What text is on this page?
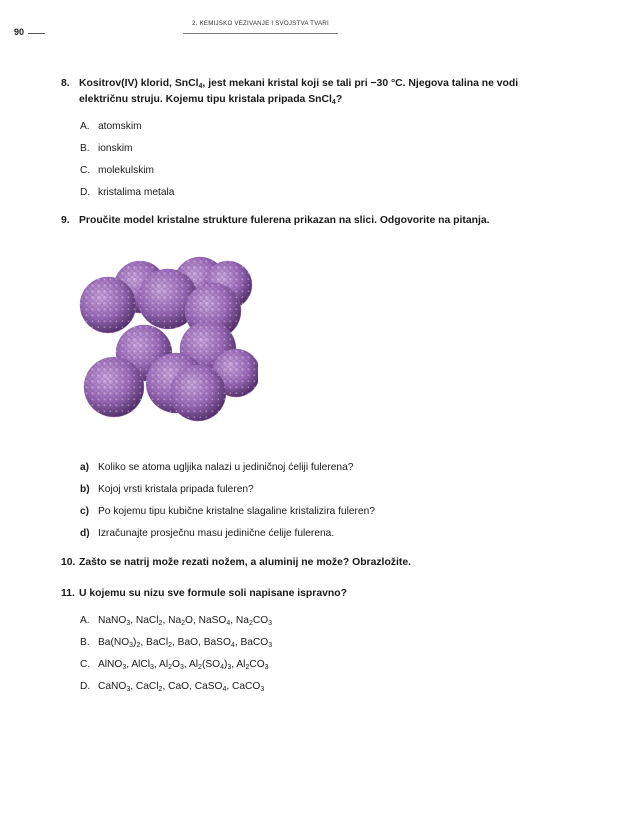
90
2. KEMIJSKO VEZIVANJE I SVOJSTVA TVARI
8. Kositrov(IV) klorid, SnCl$_4$, jest mekani kristal koji se tali pri −30 °C. Njegova talina ne vodi
električnu struju. Kojemu tipu kristala pripada SnCl$_4$?
A. atomskim
B. ionskim
C. molekulskim
D. kristalima metala
9. Proučite model kristalne strukture fulerena prikazan na slici. Odgovorite na pitanja.
a) Koliko se atoma ugljika nalazi u jediničnoj ćeliji fulerena?
b) Kojoj vrsti kristala pripada fuleren?
c) Po kojemu tipu kubične kristalne slagaline kristalizira fuleren?
d) Izračunajte prosječnu masu jedinične ćelije fulerena.
10. Zašto se natrij može rezati nožem, a aluminij ne može? Obrazložite.
11. U kojemu su nizu sve formule soli napisane ispravno?
A. NaNO$_3$, NaCl$_2$, $Na_2O$, NaSO$_4$, $Na_2CO_3$
B. $Ba(NO_3)_2$, BaCl$_2$, BaO, BaSO$_4$, BaCO$_3$
C. AlNO$_3$, AlCl$_3$, $Al_2O_3$, $Al_2(SO_4)_3$, $Al_2CO_3$
D. CaNO$_3$, CaCl$_2$, CaO, CaSO$_4$, CaCO$_3$
